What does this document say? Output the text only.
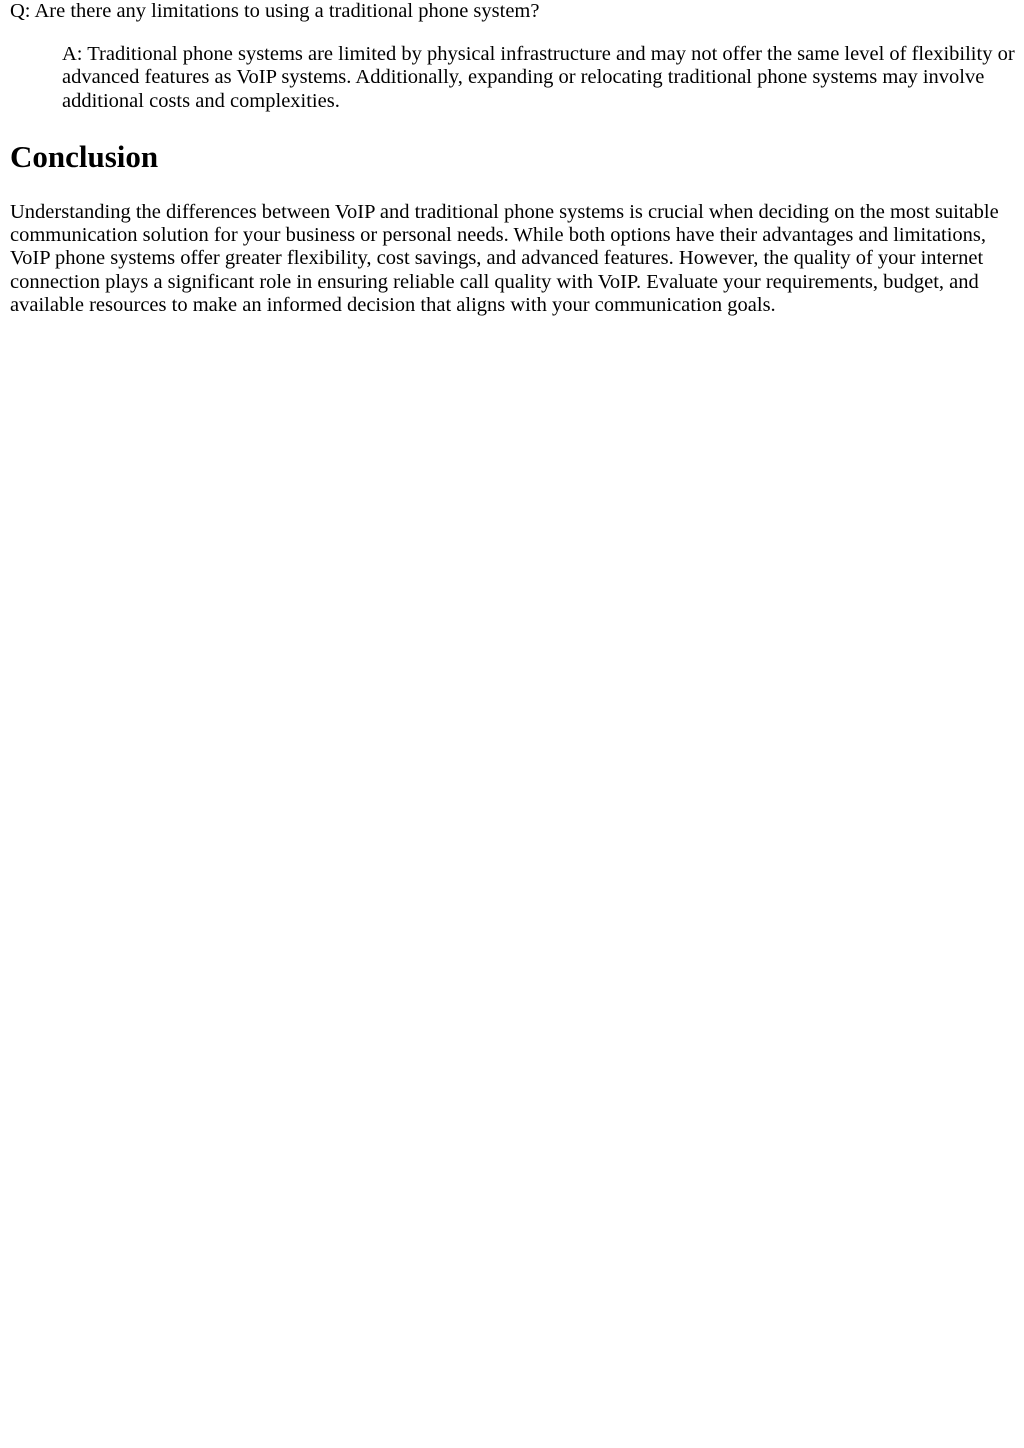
Q: Are there any limitations to using a traditional phone system?

A: Traditional phone systems are limited by physical infrastructure and may not offer the same level of flexibility or advanced features as VoIP systems. Additionally, expanding or relocating traditional phone systems may involve additional costs and complexities.

Conclusion

Understanding the differences between VoIP and traditional phone systems is crucial when deciding on the most suitable communication solution for your business or personal needs. While both options have their advantages and limitations, VoIP phone systems offer greater flexibility, cost savings, and advanced features. However, the quality of your internet connection plays a significant role in ensuring reliable call quality with VoIP. Evaluate your requirements, budget, and available resources to make an informed decision that aligns with your communication goals.
